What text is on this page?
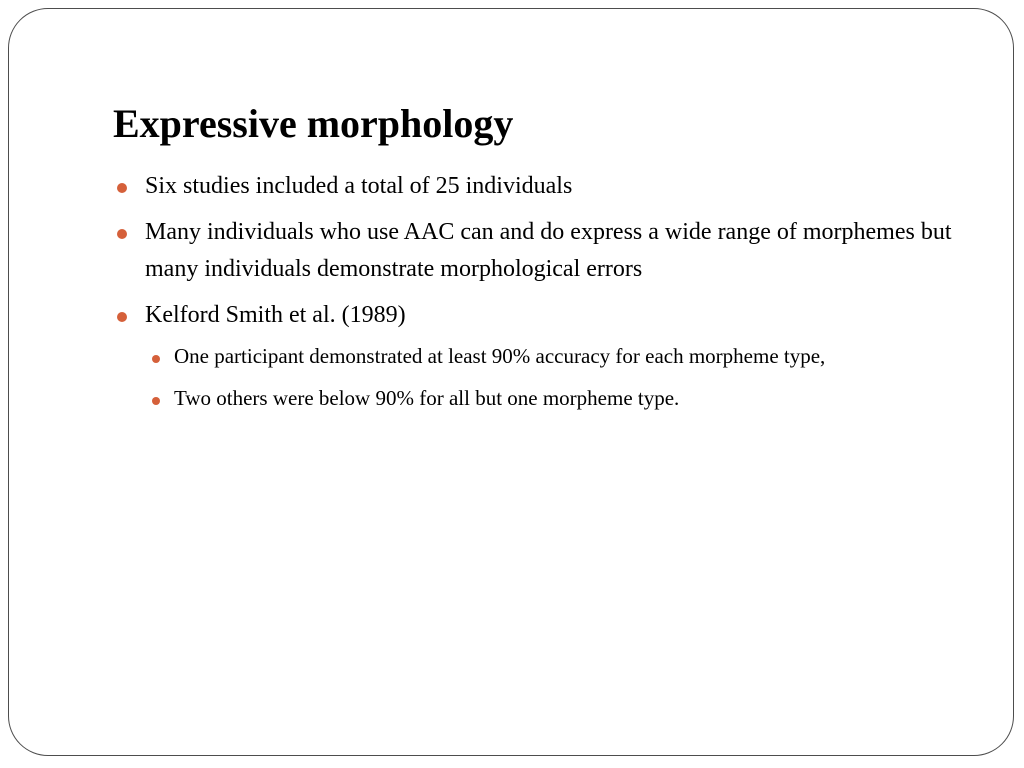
Expressive morphology
Six studies included a total of 25 individuals
Many individuals who use AAC can and do express a wide range of morphemes but  many individuals demonstrate morphological errors
Kelford Smith et al. (1989)
One participant demonstrated at least 90% accuracy for each morpheme type,
Two others were below 90% for all but one morpheme type.
